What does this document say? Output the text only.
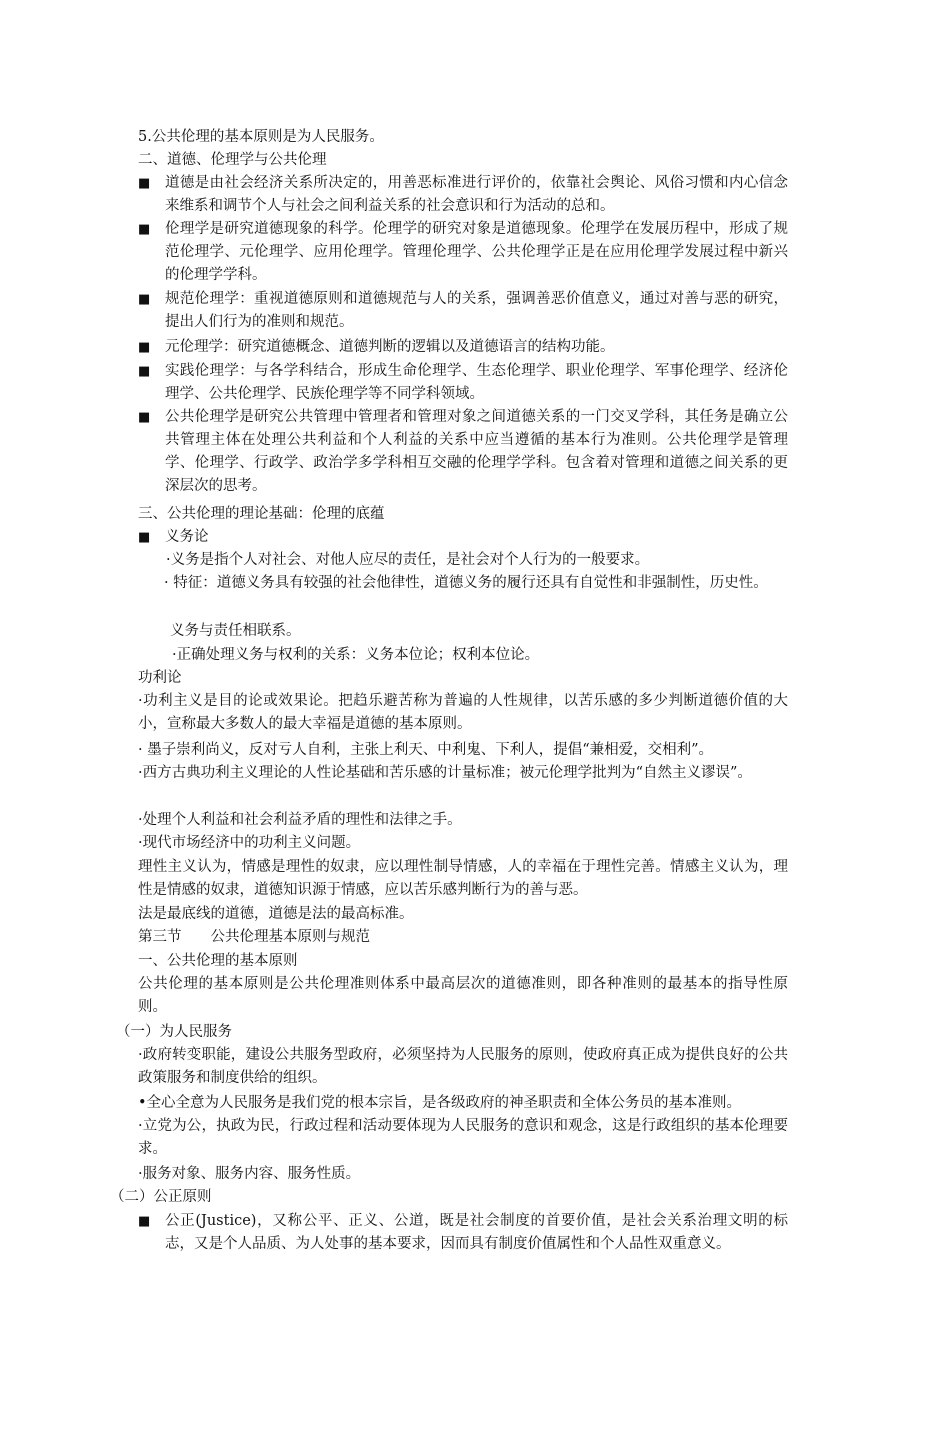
5.公共伦理的基本原则是为人民服务。
二、道德、伦理学与公共伦理
■ 道德是由社会经济关系所决定的，用善恶标准进行评价的，依靠社会舆论、风俗习惯和内心信念来维系和调节个人与社会之间利益关系的社会意识和行为活动的总和。
■ 伦理学是研究道德现象的科学。伦理学的研究对象是道德现象。伦理学在发展历程中，形成了规范伦理学、元伦理学、应用伦理学。管理伦理学、公共伦理学正是在应用伦理学发展过程中新兴的伦理学学科。
■ 规范伦理学：重视道德原则和道德规范与人的关系，强调善恶价值意义，通过对善与恶的研究，提出人们行为的准则和规范。
■ 元伦理学：研究道德概念、道德判断的逻辑以及道德语言的结构功能。
■ 实践伦理学：与各学科结合，形成生命伦理学、生态伦理学、职业伦理学、军事伦理学、经济伦理学、公共伦理学、民族伦理学等不同学科领域。
■ 公共伦理学是研究公共管理中管理者和管理对象之间道德关系的一门交叉学科，其任务是确立公共管理主体在处理公共利益和个人利益的关系中应当遵循的基本行为准则。公共伦理学是管理学、伦理学、行政学、政治学多学科相互交融的伦理学学科。包含着对管理和道德之间关系的更深层次的思考。
三、公共伦理的理论基础：伦理的底蕴
■ 义务论
·义务是指个人对社会、对他人应尽的责任，是社会对个人行为的一般要求。
· 特征：道德义务具有较强的社会他律性，道德义务的履行还具有自觉性和非强制性，历史性。
义务与责任相联系。
·正确处理义务与权利的关系：义务本位论；权利本位论。
功利论
·功利主义是目的论或效果论。把趋乐避苦称为普遍的人性规律，以苦乐感的多少判断道德价值的大小，宣称最大多数人的最大幸福是道德的基本原则。
· 墨子崇利尚义，反对亏人自利，主张上利天、中利鬼、下利人，提倡“兼相爱，交相利”。
·西方古典功利主义理论的人性论基础和苦乐感的计量标准；被元伦理学批判为“自然主义谬误”。
·处理个人利益和社会利益矛盾的理性和法律之手。
·现代市场经济中的功利主义问题。
理性主义认为，情感是理性的奴隶，应以理性制导情感，人的幸福在于理性完善。情感主义认为，理性是情感的奴隶，道德知识源于情感，应以苦乐感判断行为的善与恶。
法是最底线的道德，道德是法的最高标准。
第三节　　公共伦理基本原则与规范
一、公共伦理的基本原则
公共伦理的基本原则是公共伦理准则体系中最高层次的道德准则，即各种准则的最基本的指导性原则。
（一）为人民服务
·政府转变职能，建设公共服务型政府，必须坚持为人民服务的原则，使政府真正成为提供良好的公共政策服务和制度供给的组织。
•全心全意为人民服务是我们党的根本宗旨，是各级政府的神圣职责和全体公务员的基本准则。
·立党为公，执政为民，行政过程和活动要体现为人民服务的意识和观念，这是行政组织的基本伦理要求。
·服务对象、服务内容、服务性质。
（二）公正原则
■ 公正(Justice)，又称公平、正义、公道，既是社会制度的首要价值，是社会关系治理文明的标志，又是个人品质、为人处事的基本要求，因而具有制度价值属性和个人品性双重意义。
